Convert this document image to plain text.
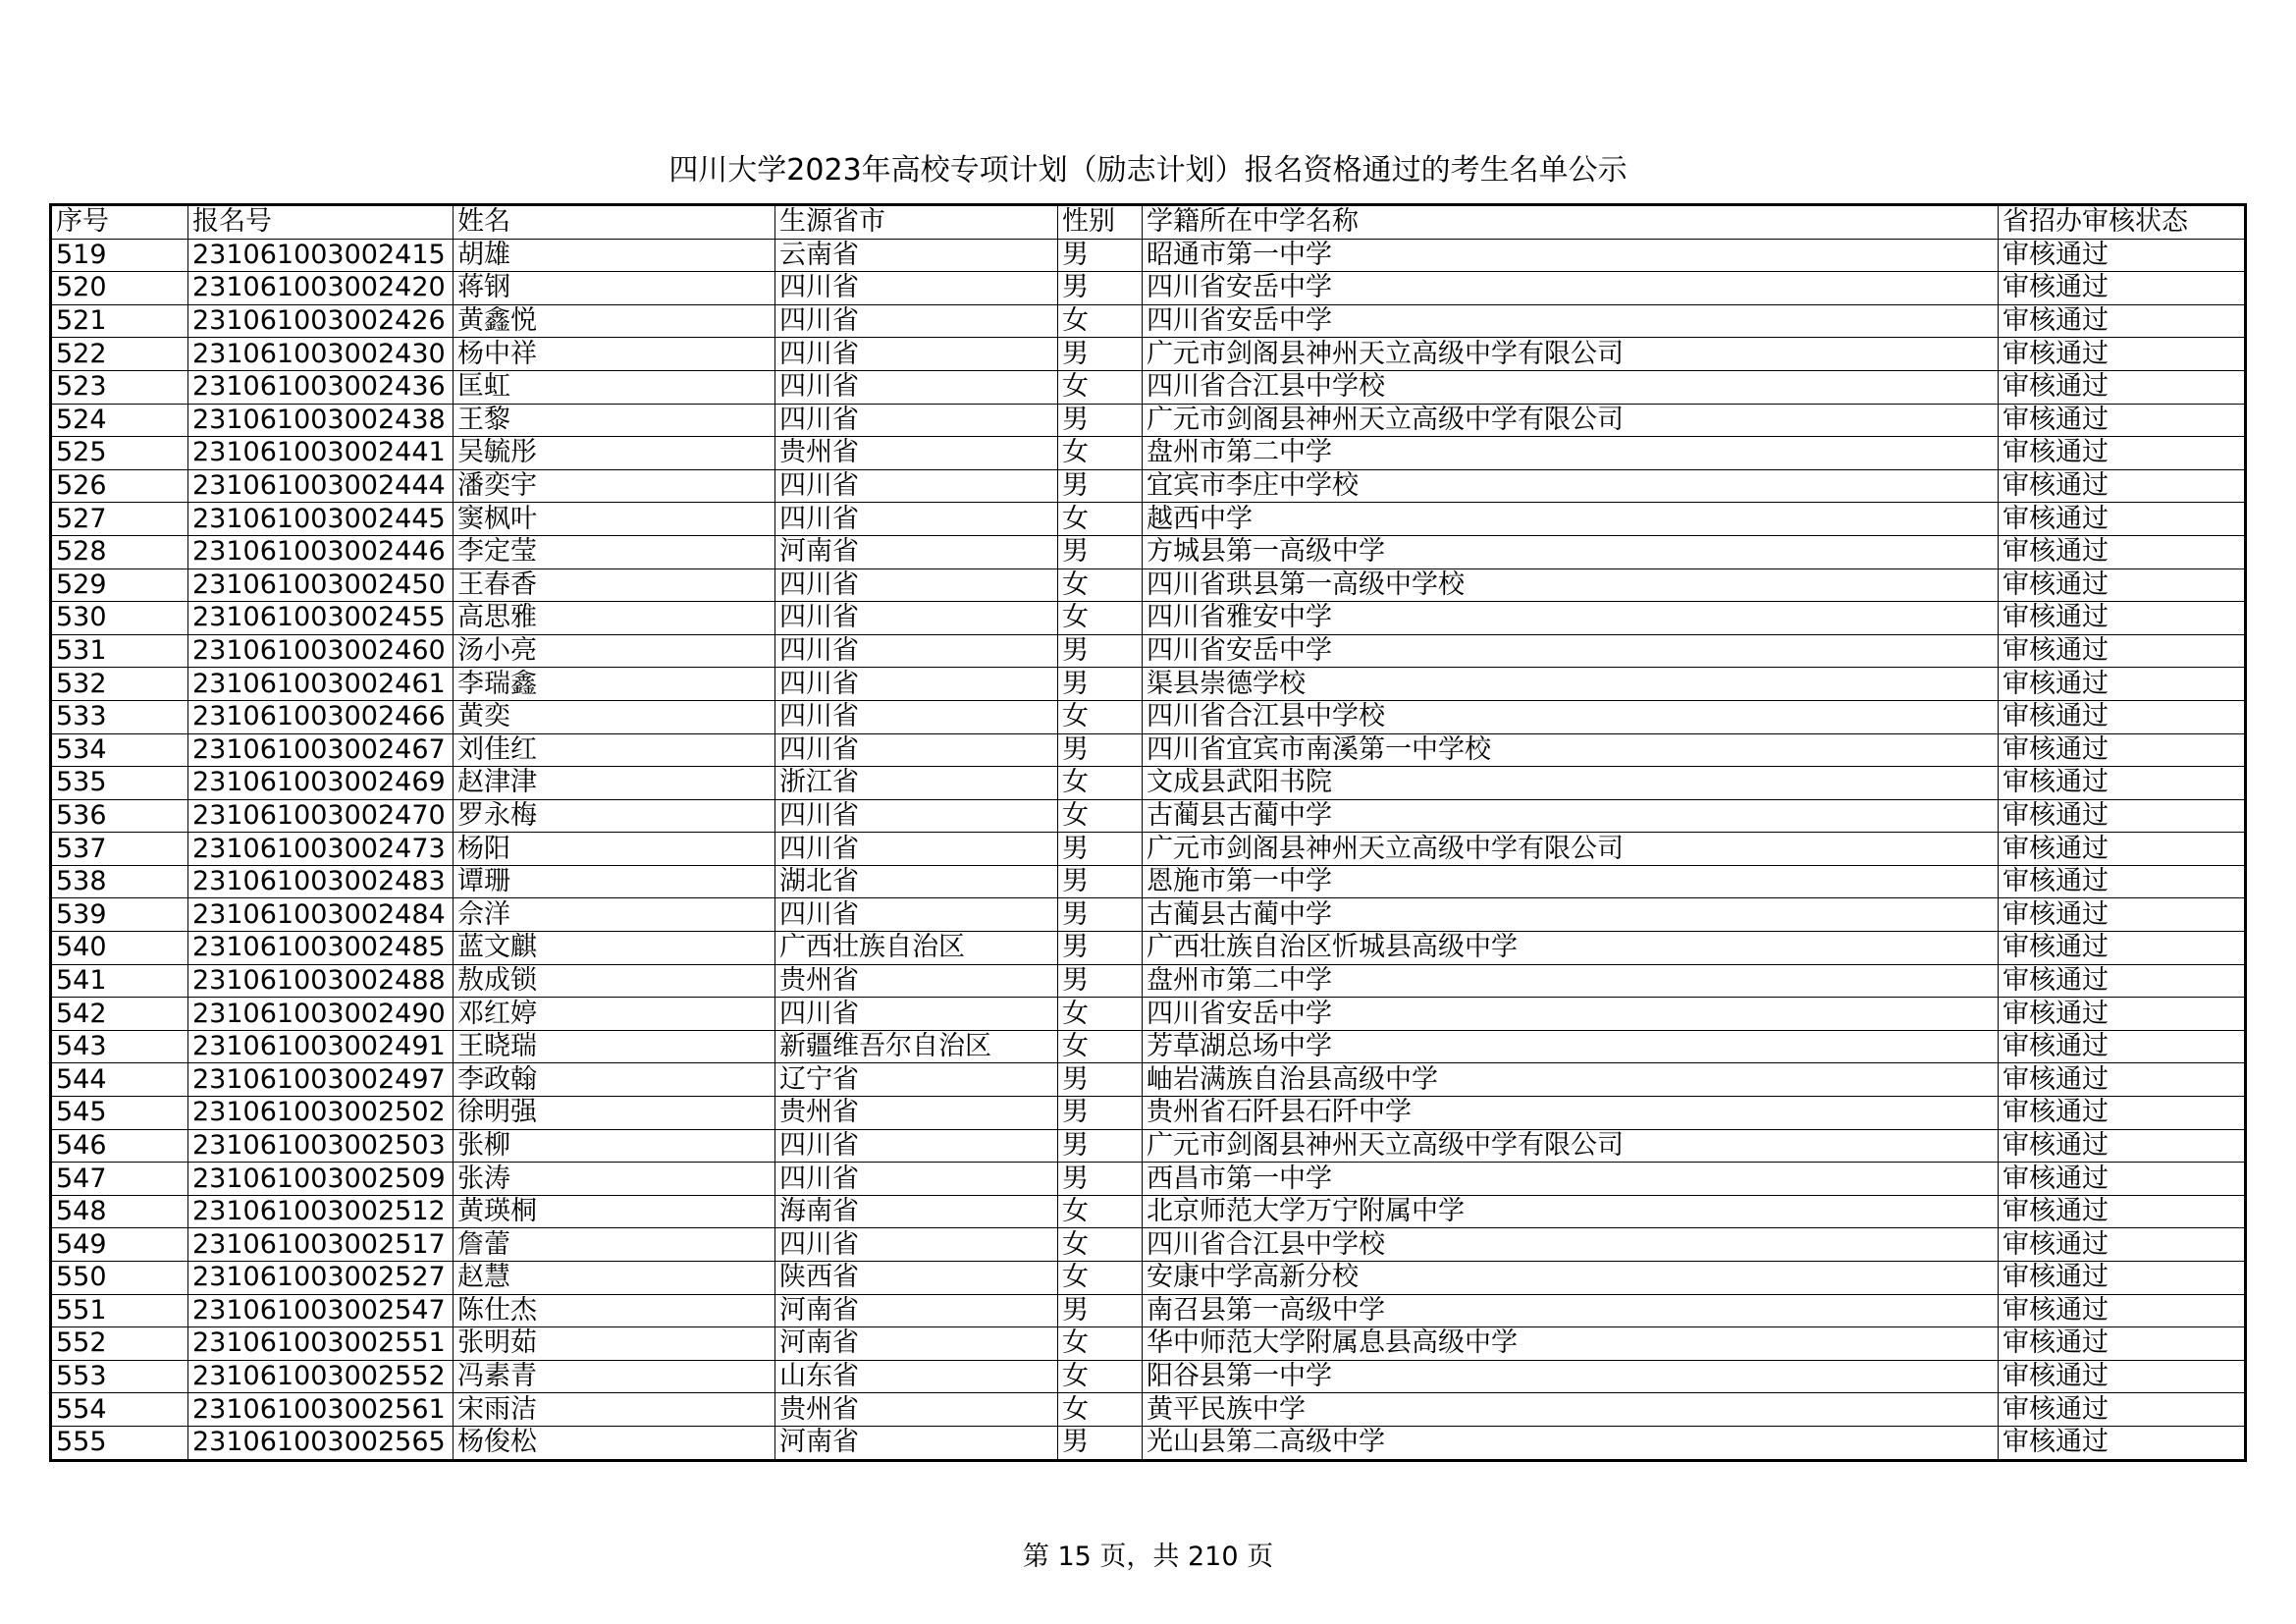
四川大学2023年高校专项计划（励志计划）报名资格通过的考生名单公示
序号	报名号	姓名	生源省市	性别	学籍所在中学名称	省招办审核状态
519	231061003002415	胡雄	云南省	男	昭通市第一中学	审核通过
520	231061003002420	蒋钢	四川省	男	四川省安岳中学	审核通过
521	231061003002426	黄鑫悦	四川省	女	四川省安岳中学	审核通过
522	231061003002430	杨中祥	四川省	男	广元市剑阁县神州天立高级中学有限公司	审核通过
523	231061003002436	匡虹	四川省	女	四川省合江县中学校	审核通过
524	231061003002438	王黎	四川省	男	广元市剑阁县神州天立高级中学有限公司	审核通过
525	231061003002441	吴毓彤	贵州省	女	盘州市第二中学	审核通过
526	231061003002444	潘奕宇	四川省	男	宜宾市李庄中学校	审核通过
527	231061003002445	窦枫叶	四川省	女	越西中学	审核通过
528	231061003002446	李定莹	河南省	男	方城县第一高级中学	审核通过
529	231061003002450	王春香	四川省	女	四川省珙县第一高级中学校	审核通过
530	231061003002455	高思雅	四川省	女	四川省雅安中学	审核通过
531	231061003002460	汤小亮	四川省	男	四川省安岳中学	审核通过
532	231061003002461	李瑞鑫	四川省	男	渠县崇德学校	审核通过
533	231061003002466	黄奕	四川省	女	四川省合江县中学校	审核通过
534	231061003002467	刘佳红	四川省	男	四川省宜宾市南溪第一中学校	审核通过
535	231061003002469	赵津津	浙江省	女	文成县武阳书院	审核通过
536	231061003002470	罗永梅	四川省	女	古蔺县古蔺中学	审核通过
537	231061003002473	杨阳	四川省	男	广元市剑阁县神州天立高级中学有限公司	审核通过
538	231061003002483	谭珊	湖北省	男	恩施市第一中学	审核通过
539	231061003002484	佘洋	四川省	男	古蔺县古蔺中学	审核通过
540	231061003002485	蓝文麒	广西壮族自治区	男	广西壮族自治区忻城县高级中学	审核通过
541	231061003002488	敖成锁	贵州省	男	盘州市第二中学	审核通过
542	231061003002490	邓红婷	四川省	女	四川省安岳中学	审核通过
543	231061003002491	王晓瑞	新疆维吾尔自治区	女	芳草湖总场中学	审核通过
544	231061003002497	李政翰	辽宁省	男	岫岩满族自治县高级中学	审核通过
545	231061003002502	徐明强	贵州省	男	贵州省石阡县石阡中学	审核通过
546	231061003002503	张柳	四川省	男	广元市剑阁县神州天立高级中学有限公司	审核通过
547	231061003002509	张涛	四川省	男	西昌市第一中学	审核通过
548	231061003002512	黄瑛桐	海南省	女	北京师范大学万宁附属中学	审核通过
549	231061003002517	詹蕾	四川省	女	四川省合江县中学校	审核通过
550	231061003002527	赵慧	陕西省	女	安康中学高新分校	审核通过
551	231061003002547	陈仕杰	河南省	男	南召县第一高级中学	审核通过
552	231061003002551	张明茹	河南省	女	华中师范大学附属息县高级中学	审核通过
553	231061003002552	冯素青	山东省	女	阳谷县第一中学	审核通过
554	231061003002561	宋雨洁	贵州省	女	黄平民族中学	审核通过
555	231061003002565	杨俊松	河南省	男	光山县第二高级中学	审核通过
第 15 页，共 210 页
